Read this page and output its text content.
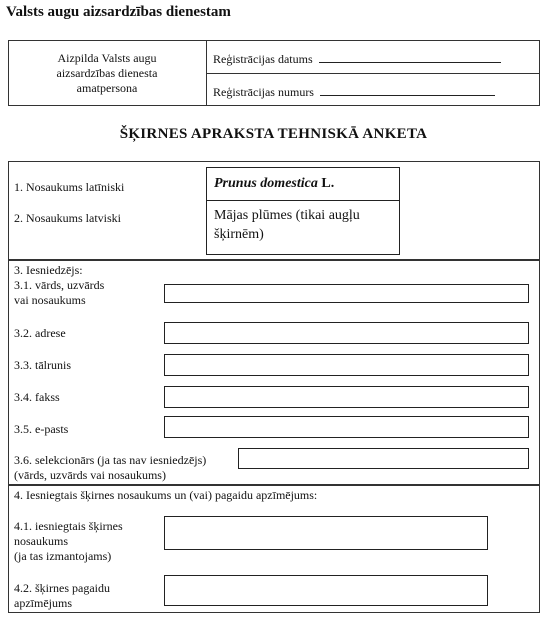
Valsts augu aizsardzības dienestam
Aizpilda Valsts augu
aizsardzības dienesta
amatpersona
Reģistrācijas datums
Reģistrācijas numurs
ŠĶIRNES APRAKSTA TEHNISKĀ ANKETA
1. Nosaukums latīniski
2. Nosaukums latviski
Prunus domestica L.
Mājas plūmes (tikai augļu šķirnēm)
3. Iesniedzējs:
3.1. vārds, uzvārds
vai nosaukums
3.2. adrese
3.3. tālrunis
3.4. fakss
3.5. e-pasts
3.6. selekcionārs (ja tas nav iesniedzējs)
(vārds, uzvārds vai nosaukums)
4. Iesniegtais šķirnes nosaukums un (vai) pagaidu apzīmējums:
4.1. iesniegtais šķirnes
nosaukums
(ja tas izmantojams)
4.2. šķirnes pagaidu
apzīmējums
